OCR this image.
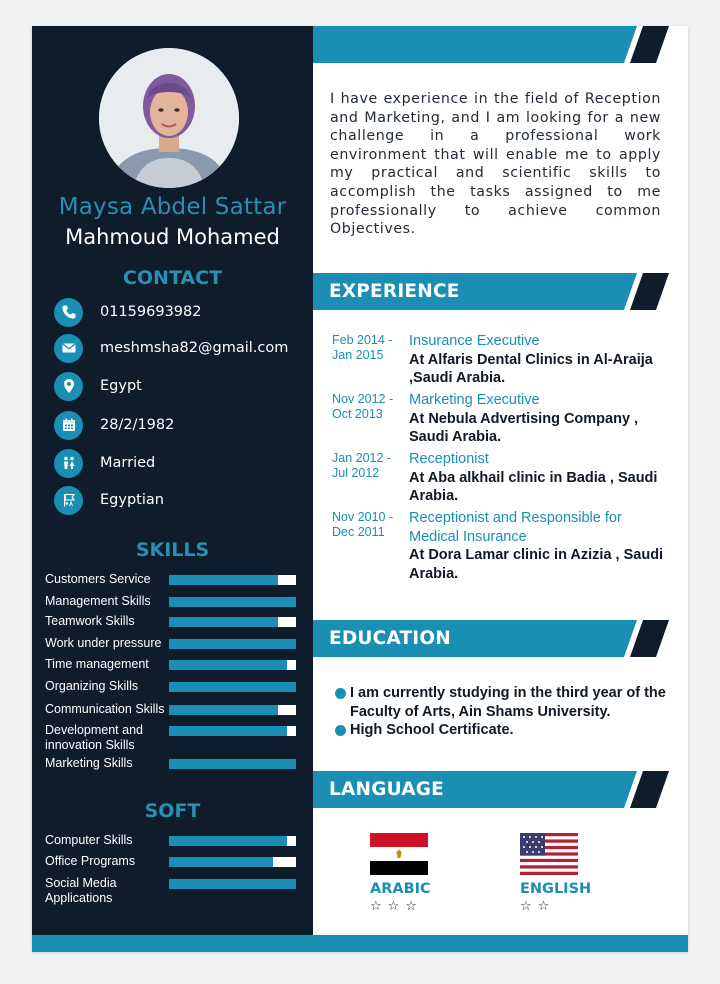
Maysa Abdel Sattar
Mahmoud Mohamed
CONTACT
01159693982
meshmsha82@gmail.com
Egypt
28/2/1982
Married
Egyptian
SKILLS
Customers Service
Management Skills
Teamwork Skills
Work under pressure
Time management
Organizing Skills
Communication Skills
Development and innovation Skills
Marketing Skills
SOFT
Computer Skills
Office Programs
Social Media Applications
I have experience in the field of Reception and Marketing, and I am looking for a new challenge in a professional work environment that will enable me to apply my practical and scientific skills to accomplish the tasks assigned to me professionally to achieve common Objectives.
EXPERIENCE
Feb 2014 - Jan 2015
Insurance Executive
At Alfaris Dental Clinics in Al-Araija ,Saudi Arabia.
Nov 2012 - Oct 2013
Marketing Executive
At Nebula Advertising Company , Saudi Arabia.
Jan 2012 - Jul 2012
Receptionist
At Aba alkhail clinic in Badia , Saudi Arabia.
Nov 2010 - Dec 2011
Receptionist and Responsible for Medical Insurance
At Dora Lamar clinic in Azizia , Saudi Arabia.
EDUCATION
I am currently studying in the third year of the Faculty of Arts, Ain Shams University.
High School Certificate.
LANGUAGE
ARABIC
☆☆☆
ENGLISH
☆☆
